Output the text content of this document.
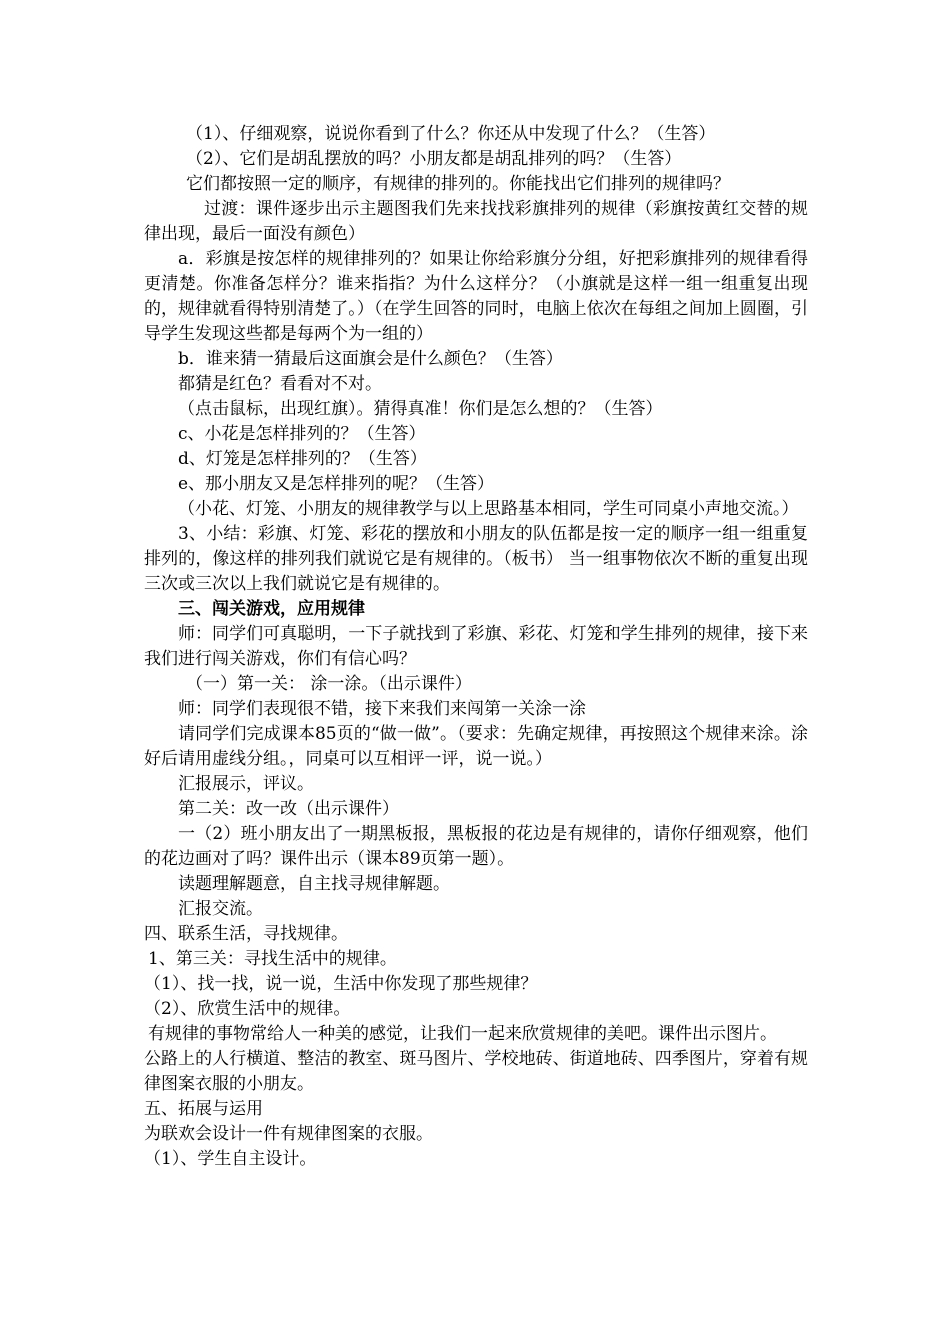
（1）、仔细观察，说说你看到了什么？你还从中发现了什么？（生答）

（2）、它们是胡乱摆放的吗？小朋友都是胡乱排列的吗？（生答）

它们都按照一定的顺序，有规律的排列的。你能找出它们排列的规律吗？

过渡：课件逐步出示主题图我们先来找找彩旗排列的规律（彩旗按黄红交替的规律出现，最后一面没有颜色）

a．彩旗是按怎样的规律排列的？如果让你给彩旗分分组，好把彩旗排列的规律看得更清楚。你准备怎样分？谁来指指？为什么这样分？（小旗就是这样一组一组重复出现的，规律就看得特别清楚了。）（在学生回答的同时，电脑上依次在每组之间加上圆圈，引导学生发现这些都是每两个为一组的）

b．谁来猜一猜最后这面旗会是什么颜色？（生答）

都猜是红色？看看对不对。

（点击鼠标，出现红旗）。猜得真准！你们是怎么想的？（生答）

c、小花是怎样排列的？（生答）

d、灯笼是怎样排列的？（生答）

e、那小朋友又是怎样排列的呢？（生答）

（小花、灯笼、小朋友的规律教学与以上思路基本相同，学生可同桌小声地交流。）

3、小结：彩旗、灯笼、彩花的摆放和小朋友的队伍都是按一定的顺序一组一组重复排列的，像这样的排列我们就说它是有规律的。（板书） 当一组事物依次不断的重复出现三次或三次以上我们就说它是有规律的。

三、闯关游戏，应用规律

师：同学们可真聪明，一下子就找到了彩旗、彩花、灯笼和学生排列的规律，接下来我们进行闯关游戏，你们有信心吗？

（一）第一关： 涂一涂。（出示课件）

师：同学们表现很不错，接下来我们来闯第一关涂一涂

请同学们完成课本85页的“做一做”。（要求：先确定规律，再按照这个规律来涂。涂好后请用虚线分组。，同桌可以互相评一评，说一说。）

汇报展示，评议。

第二关：改一改（出示课件）

一（2）班小朋友出了一期黑板报，黑板报的花边是有规律的，请你仔细观察，他们的花边画对了吗？课件出示（课本89页第一题）。

读题理解题意，自主找寻规律解题。

汇报交流。

四、联系生活，寻找规律。

1、第三关：寻找生活中的规律。

（1）、找一找，说一说，生活中你发现了那些规律？

（2）、欣赏生活中的规律。

有规律的事物常给人一种美的感觉，让我们一起来欣赏规律的美吧。课件出示图片。

公路上的人行横道、整洁的教室、斑马图片、学校地砖、街道地砖、四季图片，穿着有规律图案衣服的小朋友。

五、拓展与运用

为联欢会设计一件有规律图案的衣服。

（1）、学生自主设计。
